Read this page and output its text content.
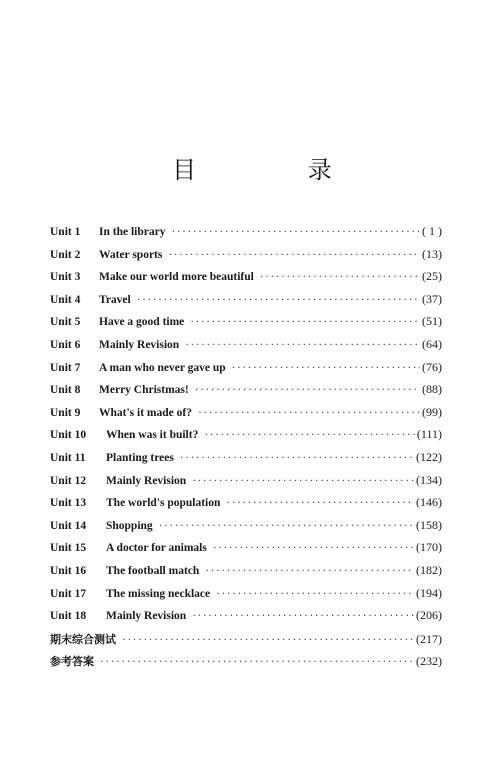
目 录
Unit 1	In the library ·····	( 1 )
Unit 2	Water sports ·····	(13)
Unit 3	Make our world more beautiful ·····	(25)
Unit 4	Travel ·····	(37)
Unit 5	Have a good time ·····	(51)
Unit 6	Mainly Revision ·····	(64)
Unit 7	A man who never gave up ·····	(76)
Unit 8	Merry Christmas! ·····	(88)
Unit 9	What's it made of? ·····	(99)
Unit 10	When was it built? ·····	(111)
Unit 11	Planting trees ·····	(122)
Unit 12	Mainly Revision ·····	(134)
Unit 13	The world's population ·····	(146)
Unit 14	Shopping ·····	(158)
Unit 15	A doctor for animals ·····	(170)
Unit 16	The football match ·····	(182)
Unit 17	The missing necklace ·····	(194)
Unit 18	Mainly Revision ·····	(206)
期末综合测试 ·····	(217)
参考答案 ·····	(232)
